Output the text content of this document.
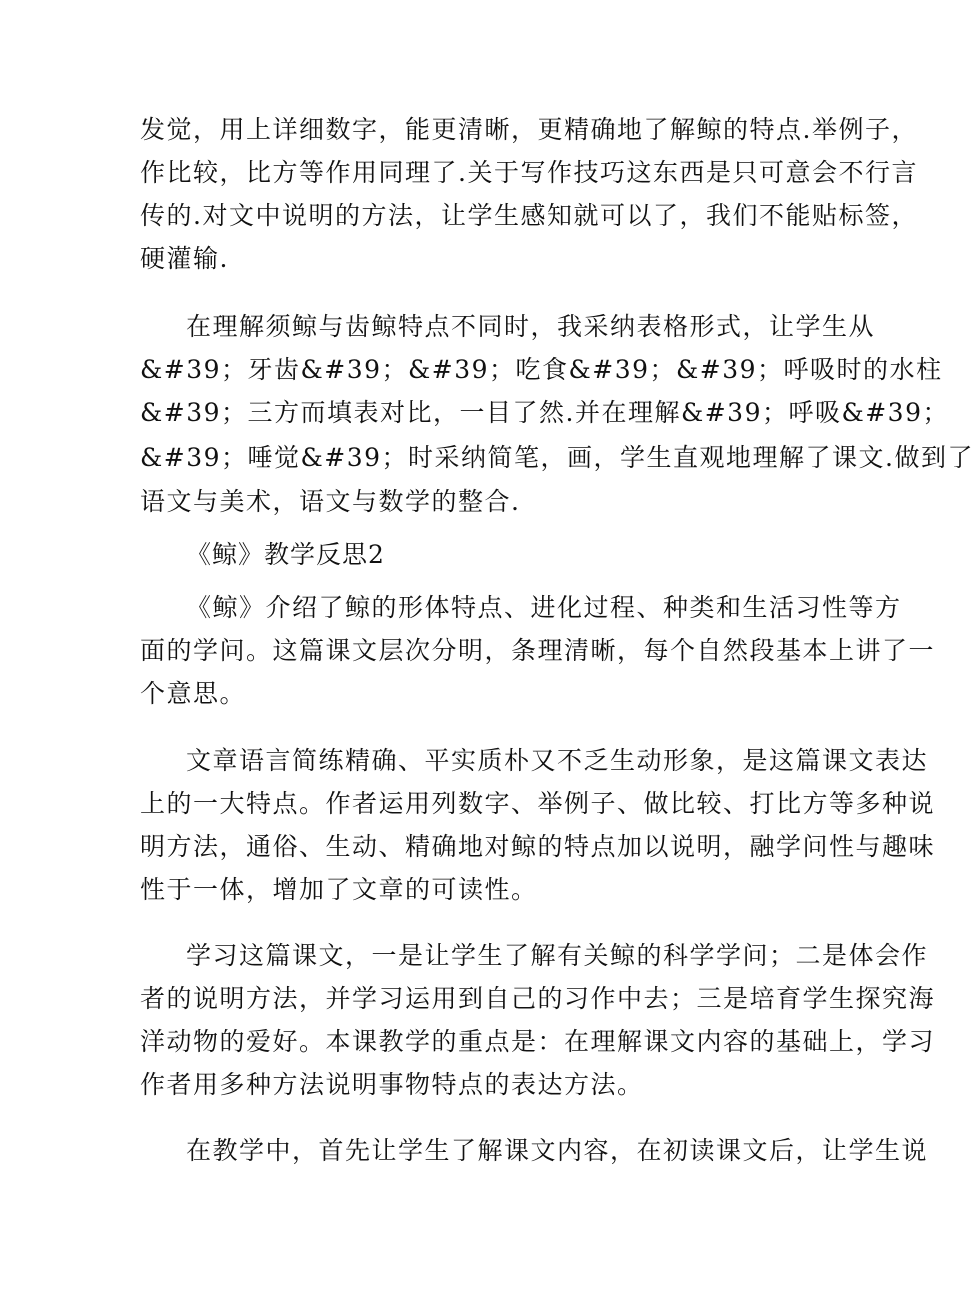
发觉，用上详细数字，能更清晰，更精确地了解鲸的特点.举例子，
作比较，比方等作用同理了.关于写作技巧这东西是只可意会不行言
传的.对文中说明的方法，让学生感知就可以了，我们不能贴标签，
硬灌输.
在理解须鲸与齿鲸特点不同时，我采纳表格形式，让学生从
&#39；牙齿&#39；&#39；吃食&#39；&#39；呼吸时的水柱
&#39；三方而填表对比，一目了然.并在理解&#39；呼吸&#39；
&#39；唾觉&#39；时采纳简笔，画，学生直观地理解了课文.做到了
语文与美术，语文与数学的整合.
《鲸》教学反思2
《鲸》介绍了鲸的形体特点、进化过程、种类和生活习性等方
面的学问。这篇课文层次分明，条理清晰，每个自然段基本上讲了一
个意思。
文章语言简练精确、平实质朴又不乏生动形象，是这篇课文表达
上的一大特点。作者运用列数字、举例子、做比较、打比方等多种说
明方法，通俗、生动、精确地对鲸的特点加以说明，融学问性与趣味
性于一体，增加了文章的可读性。
学习这篇课文，一是让学生了解有关鲸的科学学问；二是体会作
者的说明方法，并学习运用到自己的习作中去；三是培育学生探究海
洋动物的爱好。本课教学的重点是：在理解课文内容的基础上，学习
作者用多种方法说明事物特点的表达方法。
在教学中，首先让学生了解课文内容，在初读课文后，让学生说
